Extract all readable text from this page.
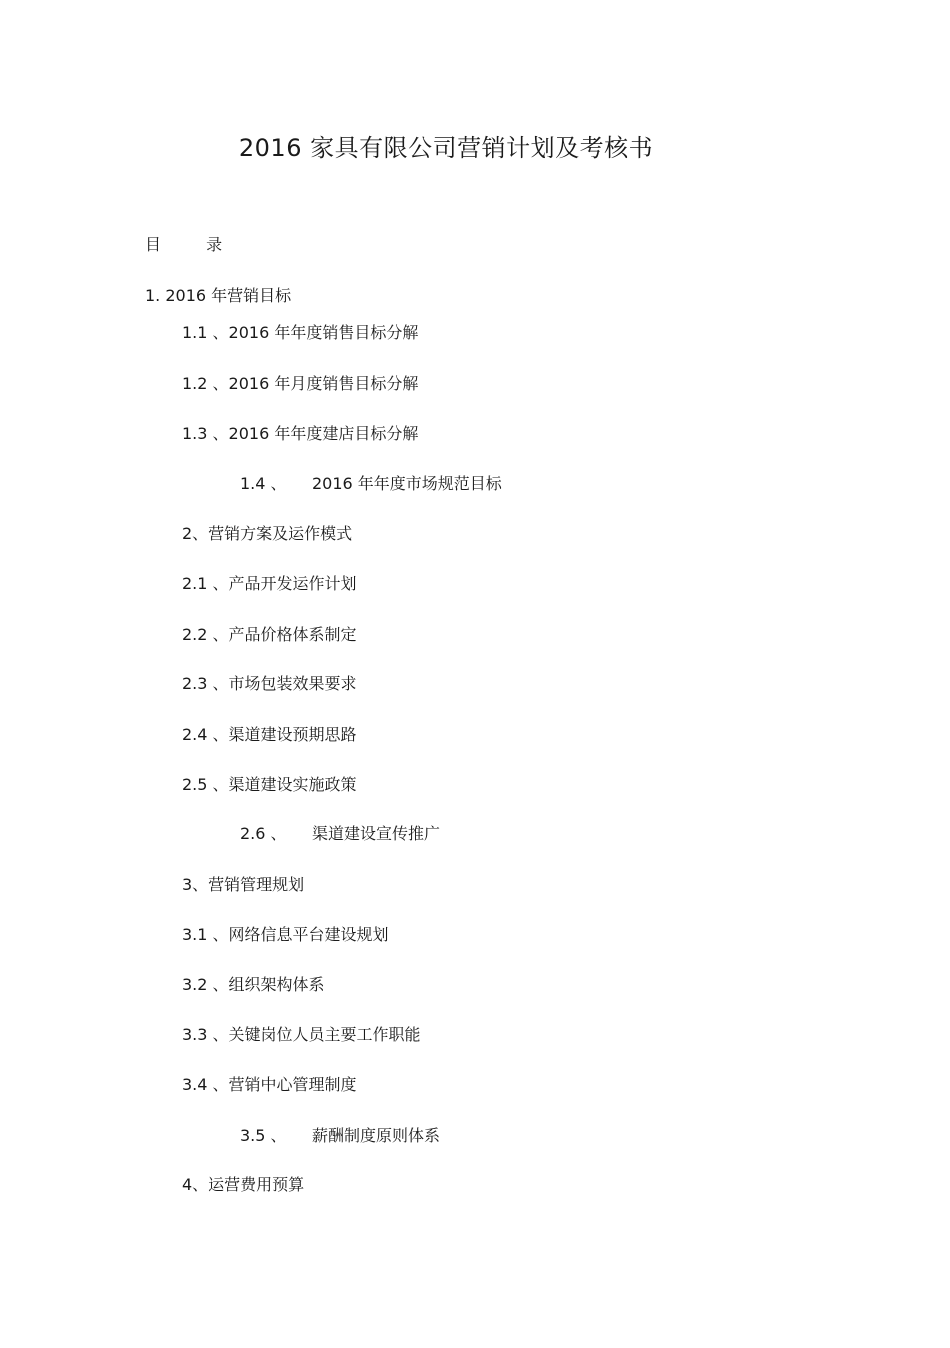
2016 家具有限公司营销计划及考核书
目 录
1. 2016 年营销目标
1.1 、2016 年年度销售目标分解
1.2 、2016 年月度销售目标分解
1.3 、2016 年年度建店目标分解
1.4 、 2016 年年度市场规范目标
2、营销方案及运作模式
2.1 、产品开发运作计划
2.2 、产品价格体系制定
2.3 、市场包装效果要求
2.4 、渠道建设预期思路
2.5 、渠道建设实施政策
2.6 、 渠道建设宣传推广
3、营销管理规划
3.1 、网络信息平台建设规划
3.2 、组织架构体系
3.3 、关键岗位人员主要工作职能
3.4 、营销中心管理制度
3.5 、 薪酬制度原则体系
4、运营费用预算
